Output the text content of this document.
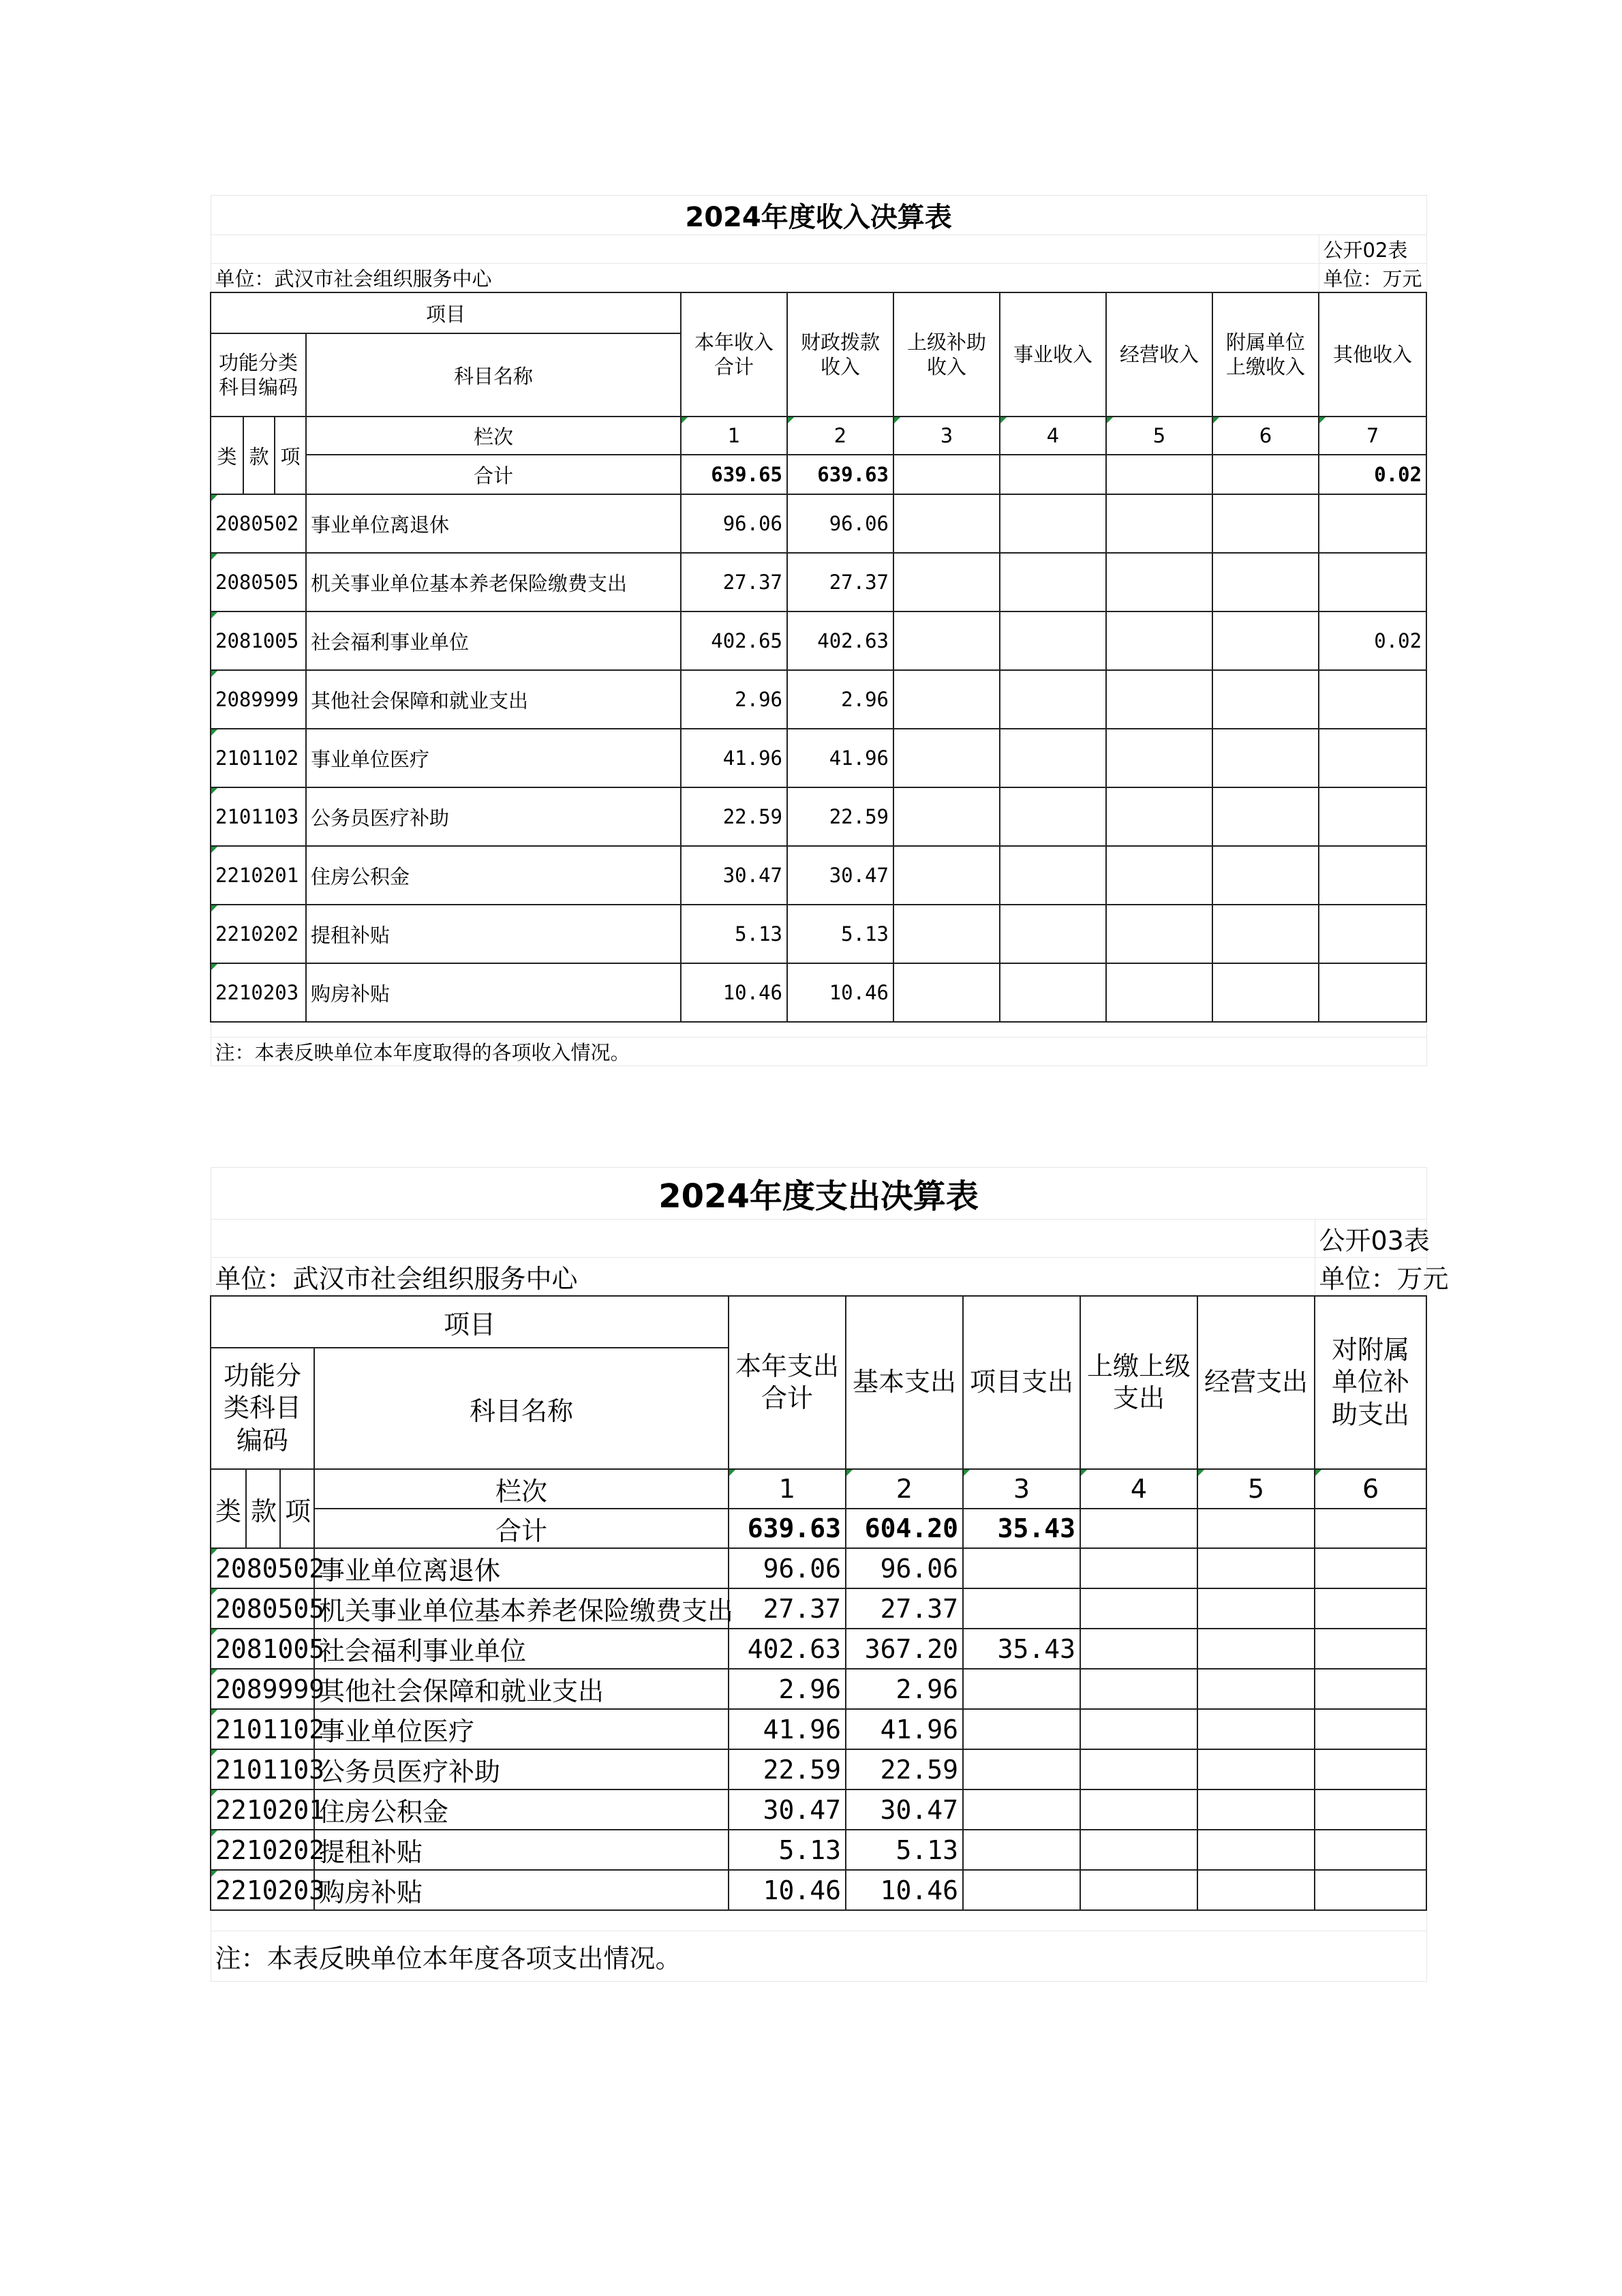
2024年度收入决算表										
										公开02表
单位：武汉市社会组织服务中心										单位：万元
项目				本年收入合计	财政拨款收入	上级补助收入	事业收入	经营收入	附属单位上缴收入	其他收入
功能分类科目编码			科目名称							
类	款	项	栏次	1	2	3	4	5	6	7
			合计	639.65	639.63					0.02
2080502			事业单位离退休	96.06	96.06					
2080505			机关事业单位基本养老保险缴费支出	27.37	27.37					
2081005			社会福利事业单位	402.65	402.63					0.02
2089999			其他社会保障和就业支出	2.96	2.96					
2101102			事业单位医疗	41.96	41.96					
2101103			公务员医疗补助	22.59	22.59					
2210201			住房公积金	30.47	30.47					
2210202			提租补贴	5.13	5.13					
2210203			购房补贴	10.46	10.46					

注：本表反映单位本年度取得的各项收入情况。										
2024年度支出决算表									
									公开03表
单位：武汉市社会组织服务中心									单位：万元
项目				本年支出合计	基本支出	项目支出	上缴上级支出	经营支出	对附属单位补助支出
功能分类科目编码			科目名称						
类	款	项	栏次	1	2	3	4	5	6
			合计	639.63	604.20	35.43			
2080502			事业单位离退休	96.06	96.06				
2080505			机关事业单位基本养老保险缴费支出	27.37	27.37				
2081005			社会福利事业单位	402.63	367.20	35.43			
2089999			其他社会保障和就业支出	2.96	2.96				
2101102			事业单位医疗	41.96	41.96				
2101103			公务员医疗补助	22.59	22.59				
2210201			住房公积金	30.47	30.47				
2210202			提租补贴	5.13	5.13				
2210203			购房补贴	10.46	10.46				

注：本表反映单位本年度各项支出情况。									
